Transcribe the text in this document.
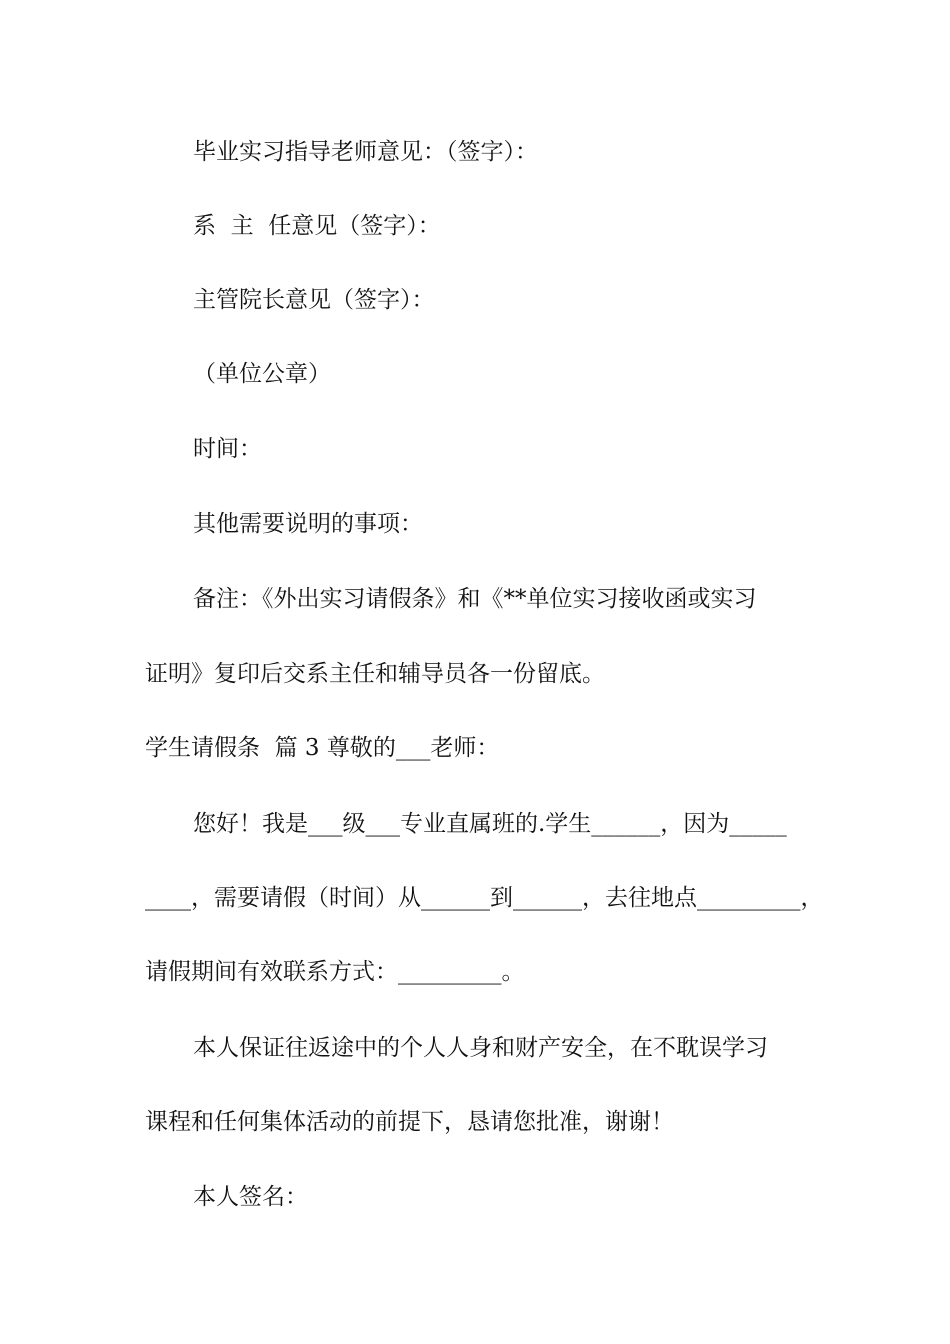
毕业实习指导老师意见：（签字）：

系  主  任意见（签字）：

主管院长意见（签字）：

（单位公章）

时间：

其他需要说明的事项：

备注：《外出实习请假条》和《**单位实习接收函或实习

证明》复印后交系主任和辅导员各一份留底。

学生请假条  篇 3 尊敬的___老师：

您好！我是___级___专业直属班的.学生______，因为_____

____，需要请假（时间）从______到______，去往地点_________，

请假期间有效联系方式：_________。

本人保证往返途中的个人人身和财产安全，在不耽误学习

课程和任何集体活动的前提下，恳请您批准，谢谢！

本人签名：
